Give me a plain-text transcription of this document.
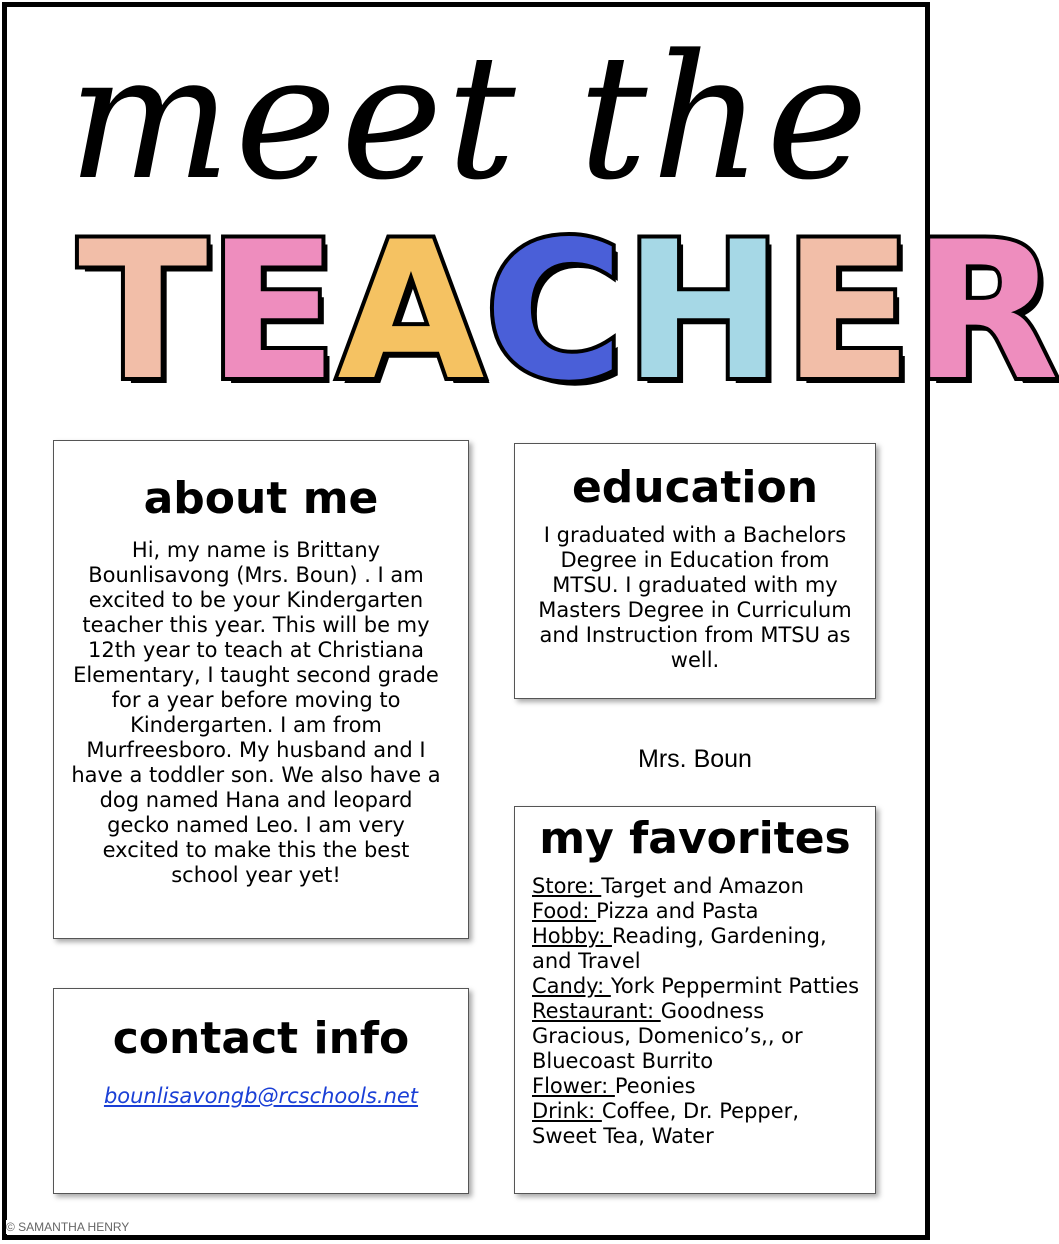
meet the
T E A C H E R
about me

Hi, my name is Brittany Bounlisavong (Mrs. Boun) . I am excited to be your Kindergarten teacher this year. This will be my 12th year to teach at Christiana Elementary, I taught second grade for a year before moving to Kindergarten. I am from Murfreesboro. My husband and I have a toddler son. We also have a dog named Hana and leopard gecko named Leo. I am very excited to make this the best school year yet!

education

I graduated with a Bachelors Degree in Education from MTSU. I graduated with my Masters Degree in Curriculum and Instruction from MTSU as well.

Mrs. Boun
contact info
bounlisavongb@rcschools.net
my favorites
Store: Target and Amazon
Food: Pizza and Pasta
Hobby: Reading, Gardening, and Travel
Candy: York Peppermint Patties
Restaurant: Goodness Gracious, Domenico’s,, or Bluecoast Burrito
Flower: Peonies
Drink: Coffee, Dr. Pepper, Sweet Tea, Water
© SAMANTHA HENRY
